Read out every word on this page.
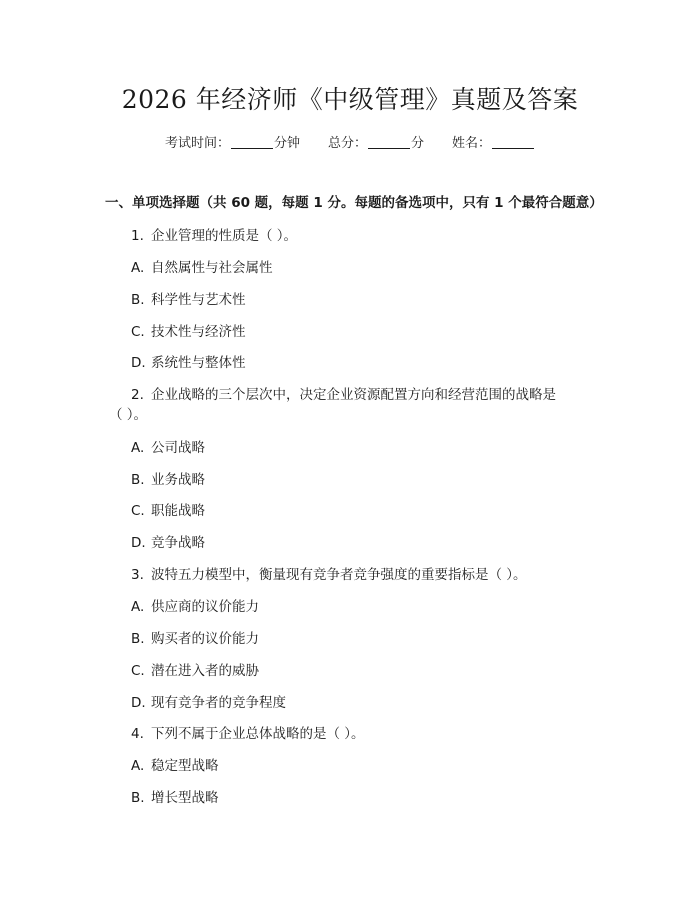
2026 年经济师《中级管理》真题及答案
考试时间：	分钟 总分：	分 姓名：
一、单项选择题（共 60 题，每题 1 分。每题的备选项中，只有 1 个最符合题意）
1. 企业管理的性质是（ ）。
A. 自然属性与社会属性
B. 科学性与艺术性
C. 技术性与经济性
D. 系统性与整体性
2. 企业战略的三个层次中，决定企业资源配置方向和经营范围的战略是
（ ）。
A. 公司战略
B. 业务战略
C. 职能战略
D. 竞争战略
3. 波特五力模型中，衡量现有竞争者竞争强度的重要指标是（ ）。
A. 供应商的议价能力
B. 购买者的议价能力
C. 潜在进入者的威胁
D. 现有竞争者的竞争程度
4. 下列不属于企业总体战略的是（ ）。
A. 稳定型战略
B. 增长型战略
